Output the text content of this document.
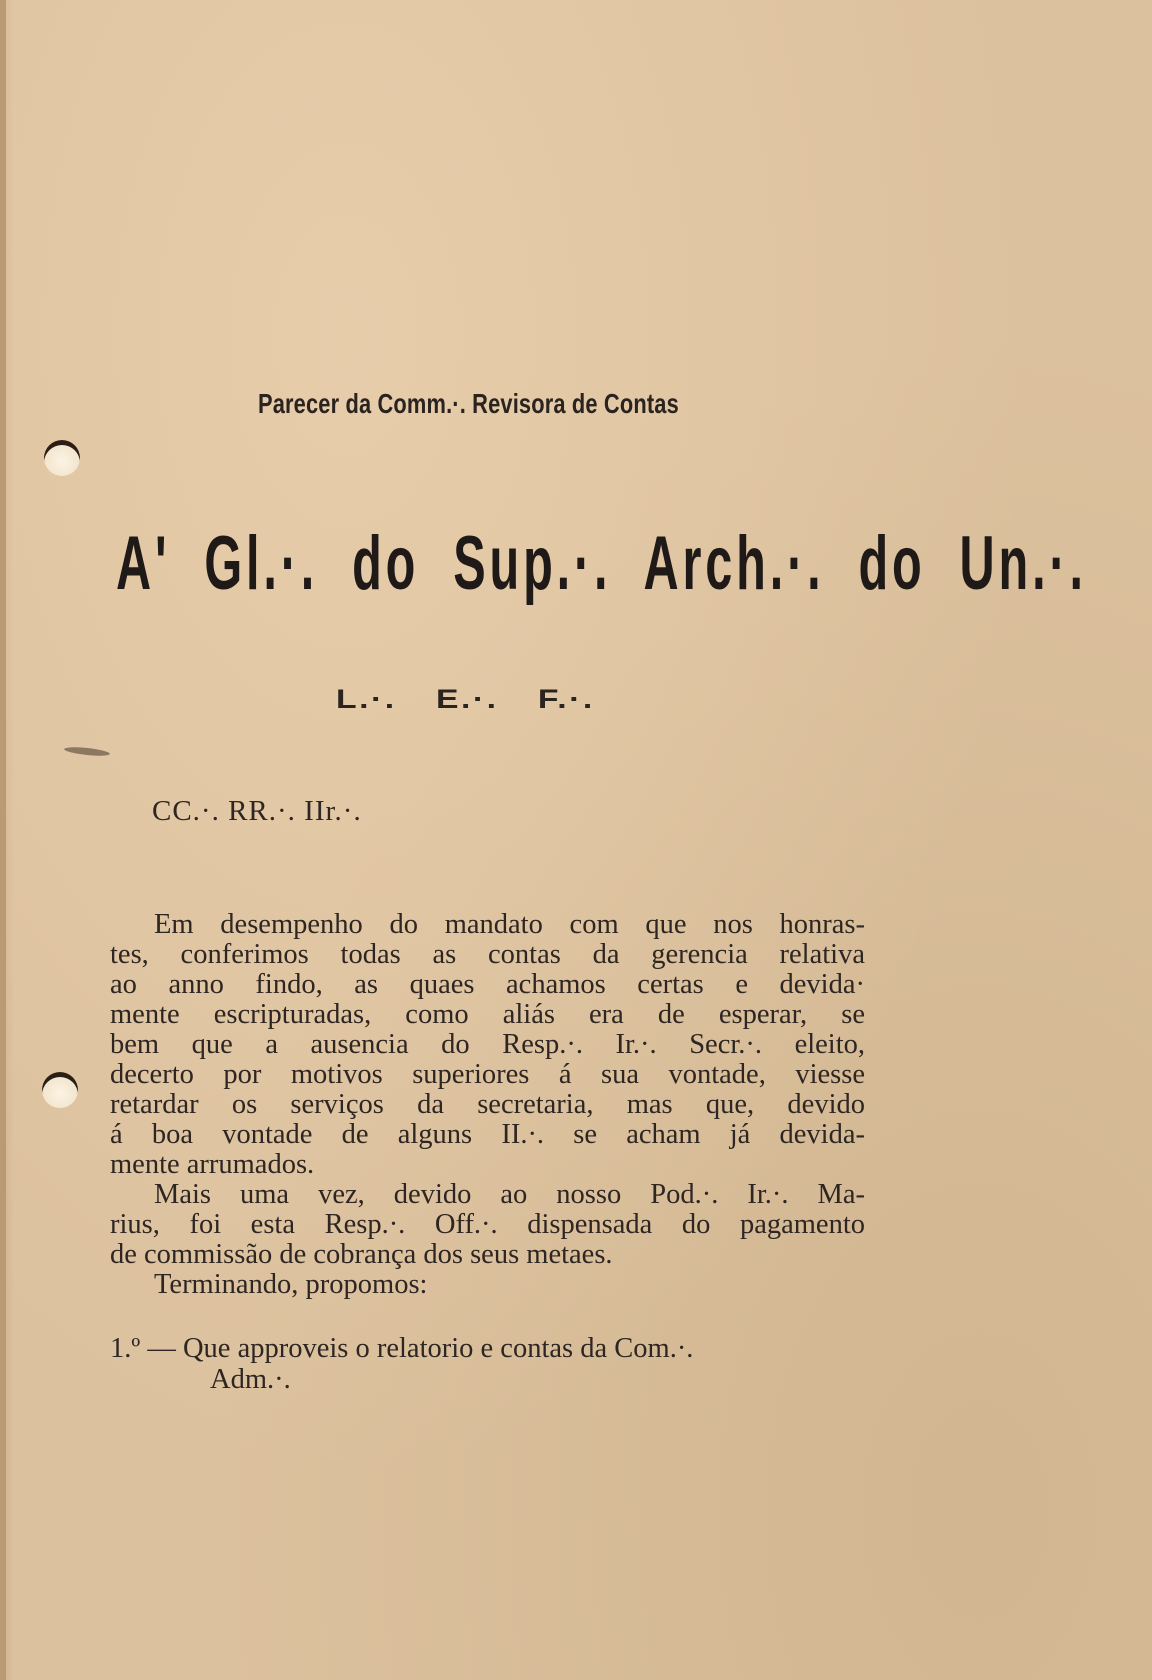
Parecer da Comm.·. Revisora de Contas
A' Gl.·. do Sup.·. Arch.·. do Un.·.
L.·. E.·. F.·.
CC.·. RR.·. IIr.·.
Em desempenho do mandato com que nos honras-
tes, conferimos todas as contas da gerencia relativa
ao anno findo, as quaes achamos certas e devida·
mente escripturadas, como aliás era de esperar, se
bem que a ausencia do Resp.·. Ir.·. Secr.·. eleito,
decerto por motivos superiores á sua vontade, viesse
retardar os serviços da secretaria, mas que, devido
á boa vontade de alguns II.·. se acham já devida-
mente arrumados.
Mais uma vez, devido ao nosso Pod.·. Ir.·. Ma-
rius, foi esta Resp.·. Off.·. dispensada do pagamento
de commissão de cobrança dos seus metaes.
Terminando, propomos:
1.º — Que approveis o relatorio e contas da Com.·.
Adm.·.
